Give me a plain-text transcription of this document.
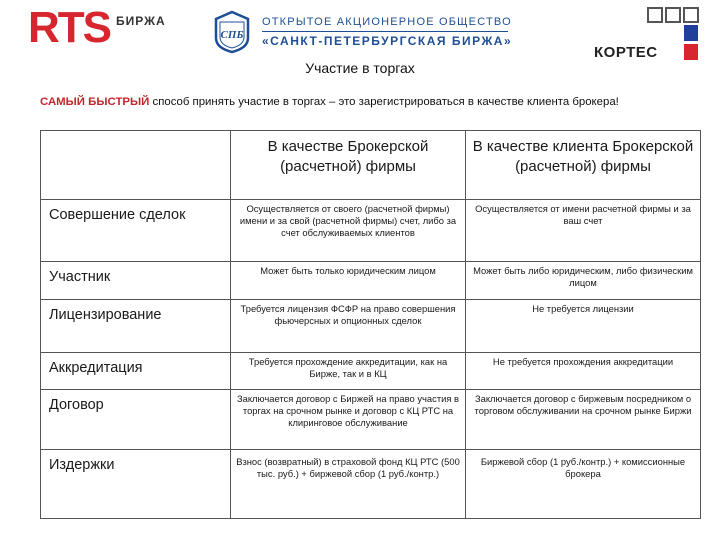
RTS БИРЖА
СПБ
ОТКРЫТОЕ АКЦИОНЕРНОЕ ОБЩЕСТВО
«САНКТ-ПЕТЕРБУРГСКАЯ БИРЖА»
КОРТЕС
Участие в торгах
САМЫЙ БЫСТРЫЙ способ принять участие в торгах – это зарегистрироваться в качестве клиента брокера!
	В качестве Брокерской (расчетной) фирмы	В качестве клиента Брокерской (расчетной) фирмы
Совершение сделок	Осуществляется от своего (расчетной фирмы) имени и за свой (расчетной фирмы) счет, либо за счет обслуживаемых клиентов	Осуществляется от имени расчетной фирмы и за ваш счет
Участник	Может быть только юридическим лицом	Может быть либо юридическим, либо физическим лицом
Лицензирование	Требуется лицензия ФСФР на право совершения фьючерсных и опционных сделок	Не требуется лицензии
Аккредитация	Требуется прохождение аккредитации, как на Бирже, так и в КЦ	Не требуется прохождения аккредитации
Договор	Заключается договор с Биржей на право участия в торгах на срочном рынке и договор с КЦ РТС на клиринговое обслуживание	Заключается договор с биржевым посредником о торговом обслуживании на срочном рынке Биржи
Издержки	Взнос (возвратный) в страховой фонд КЦ РТС (500 тыс. руб.) + биржевой сбор (1 руб./контр.)	Биржевой сбор (1 руб./контр.) + комиссионные брокера
